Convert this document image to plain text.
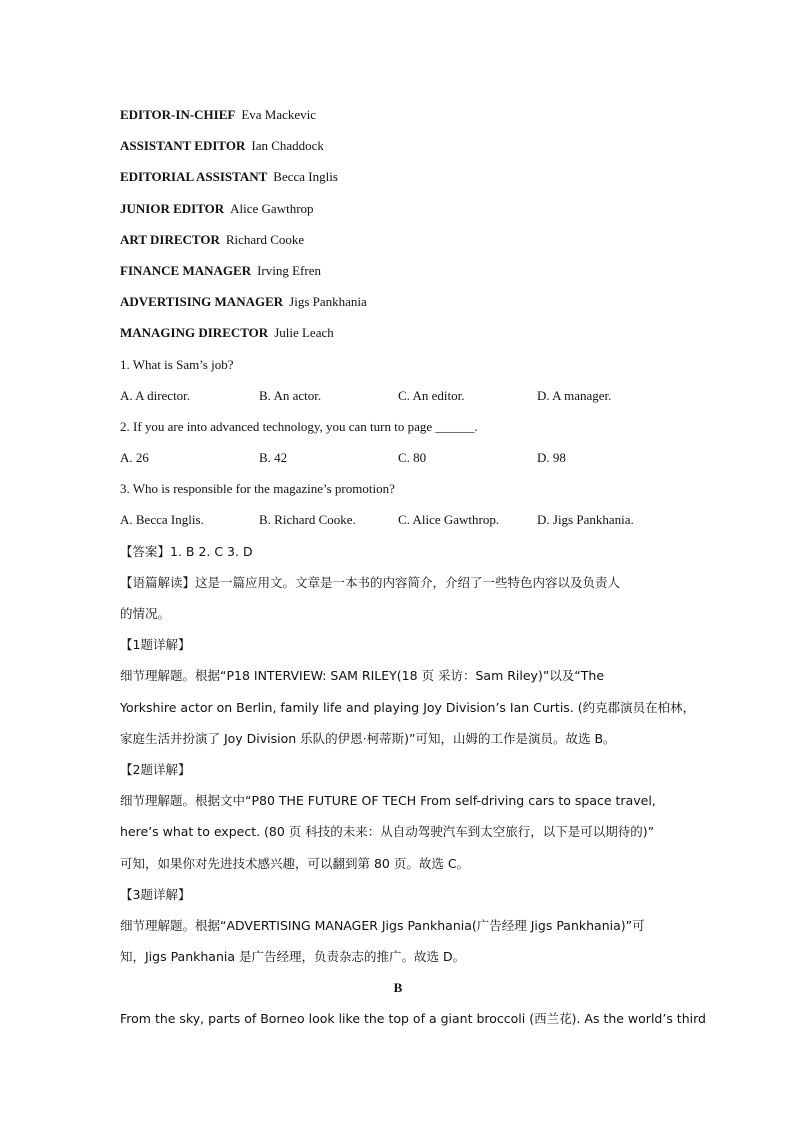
EDITOR-IN-CHIEF Eva Mackevic
ASSISTANT EDITOR Ian Chaddock
EDITORIAL ASSISTANT Becca Inglis
JUNIOR EDITOR Alice Gawthrop
ART DIRECTOR Richard Cooke
FINANCE MANAGER Irving Efren
ADVERTISING MANAGER Jigs Pankhania
MANAGING DIRECTOR Julie Leach
1. What is Sam’s job?
A. A director.	B. An actor.	C. An editor.	D. A manager.
2. If you are into advanced technology, you can turn to page ______.
A. 26	B. 42	C. 80	D. 98
3. Who is responsible for the magazine’s promotion?
A. Becca Inglis.	B. Richard Cooke.	C. Alice Gawthrop.	D. Jigs Pankhania.
【答案】1. B 2. C 3. D
【语篇解读】这是一篇应用文。文章是一本书的内容简介，介绍了一些特色内容以及负责人
的情况。
【1题详解】
细节理解题。根据“P18 INTERVIEW: SAM RILEY(18 页 采访：Sam Riley)”以及“The
Yorkshire actor on Berlin, family life and playing Joy Division’s Ian Curtis. (约克郡演员在柏林，
家庭生活并扮演了 Joy Division 乐队的伊恩·柯蒂斯)”可知，山姆的工作是演员。故选 B。
【2题详解】
细节理解题。根据文中“P80 THE FUTURE OF TECH From self-driving cars to space travel,
here’s what to expect. (80 页 科技的未来：从自动驾驶汽车到太空旅行，以下是可以期待的)”
可知，如果你对先进技术感兴趣，可以翻到第 80 页。故选 C。
【3题详解】
细节理解题。根据“ADVERTISING MANAGER Jigs Pankhania(广告经理 Jigs Pankhania)”可
知，Jigs Pankhania 是广告经理，负责杂志的推广。故选 D。
B
From the sky, parts of Borneo look like the top of a giant broccoli (西兰花). As the world’s third
